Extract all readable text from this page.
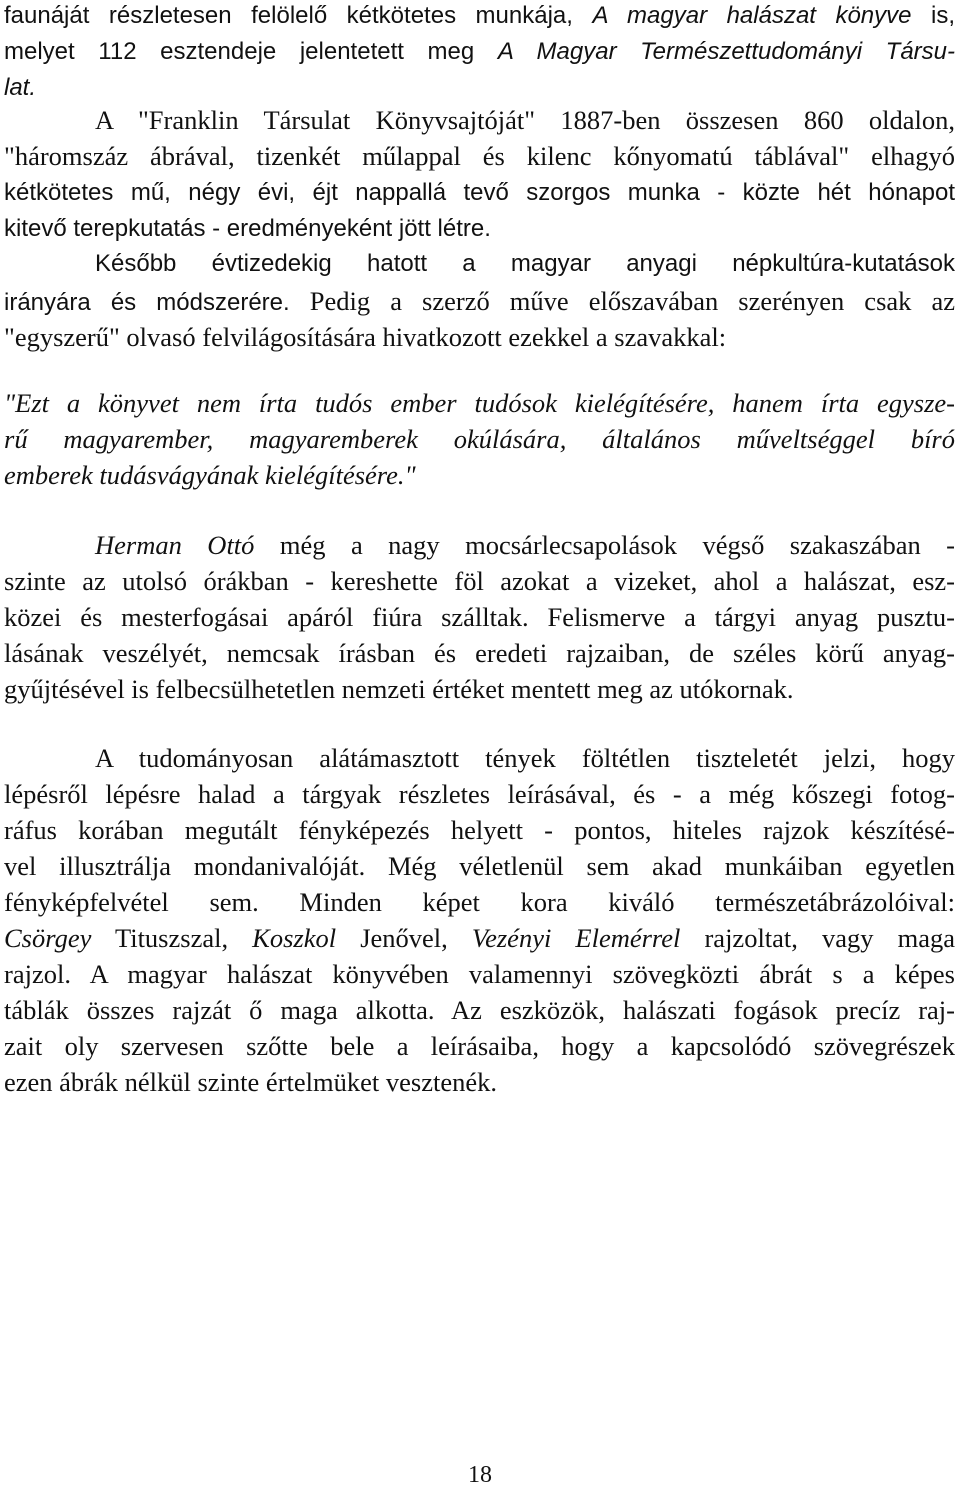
faunáját részletesen felölelő kétkötetes munkája, A magyar halászat könyve is,
melyet 112 esztendeje jelentetett meg A Magyar Természettudományi Társu-
lat.
A "Franklin Társulat Könyvsajtóját" 1887-ben összesen 860 oldalon,
"háromszáz ábrával, tizenkét műlappal és kilenc kőnyomatú táblával" elhagyó
kétkötetes mű, négy évi, éjt nappallá tevő szorgos munka - közte hét hónapot
kitevő terepkutatás - eredményeként jött létre.
Később évtizedekig hatott a magyar anyagi népkultúra-kutatások
irányára és módszerére. Pedig a szerző műve előszavában szerényen csak az
"egyszerű" olvasó felvilágosítására hivatkozott ezekkel a szavakkal:
"Ezt a könyvet nem írta tudós ember tudósok kielégítésére, hanem írta egysze-
rű magyarember, magyaremberek okúlására, általános műveltséggel bíró
emberek tudásvágyának kielégítésére."
Herman Ottó még a nagy mocsárlecsapolások végső szakaszában -
szinte az utolsó órákban - kereshette föl azokat a vizeket, ahol a halászat, esz-
közei és mesterfogásai apáról fiúra szálltak. Felismerve a tárgyi anyag pusztu-
lásának veszélyét, nemcsak írásban és eredeti rajzaiban, de széles körű anyag-
gyűjtésével is felbecsülhetetlen nemzeti értéket mentett meg az utókornak.
A tudományosan alátámasztott tények föltétlen tiszteletét jelzi, hogy
lépésről lépésre halad a tárgyak részletes leírásával, és - a még kőszegi fotog-
ráfus korában megutált fényképezés helyett - pontos, hiteles rajzok készítésé-
vel illusztrálja mondanivalóját. Még véletlenül sem akad munkáiban egyetlen
fényképfelvétel sem. Minden képet kora kiváló természetábrázolóival:
Csörgey Tituszszal, Koszkol Jenővel, Vezényi Elemérrel rajzoltat, vagy maga
rajzol. A magyar halászat könyvében valamennyi szövegközti ábrát s a képes
táblák összes rajzát ő maga alkotta. Az eszközök, halászati fogások precíz raj-
zait oly szervesen szőtte bele a leírásaiba, hogy a kapcsolódó szövegrészek
ezen ábrák nélkül szinte értelmüket vesztenék.
18
